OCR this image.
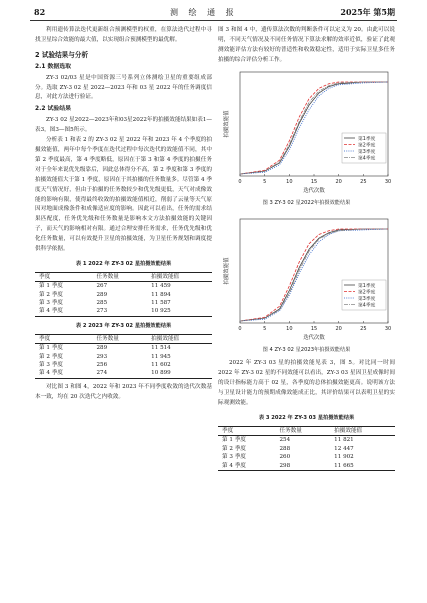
82	测 绘 通 报	2025年 第5期

利用遗传算法迭代更新组合预测模型的权重，在算法迭代过程中寻找卫星综合效能的最大值，以实现组合预测模型的最优解。

2 试验结果与分析
2.1 数据选取

ZY-3 02/03 星是中国资源三号系列立体测绘卫星的重要组成部分。选取 ZY-3 02 星 2022—2023 年和 03 星 2022 年的任务调度信息，对此方法进行验证。

2.2 试验结果

ZY-3 02 星2022—2023年和03星2022年的拍摄效能结果如表1—表3，图3—图5所示。

分析表 1 和表 2 的 ZY-3 02 星 2022 年和 2023 年 4 个季度的拍摄效能值，两年中每个季度在迭代过程中每次迭代的效能值不同，其中第 2 季度最高，第 4 季度略低，原因在于第 3 和第 4 季度的拍摄任务对于全年来说优先级靠后，因此总体得分不高，第 2 季度和第 3 季度的拍摄效能值大于第 1 季度，原因在于其拍摄的任务数量多。尽管第 4 季度天气情况好，但由于拍摄的任务数较少和优先级更低，天气对成像效能的影响有限，使得最终收敛的拍摄效能值相近，削弱了云量等天气原因对地面成像条件和成像适应度的影响。因此可以看出，任务的需求结果匹配度，任务优先级和任务数量是影响本文方法拍摄效能的关键因子，而天气的影响相对有限。通过合理安排任务需求，任务优先级和优化任务数量，可以有效提升卫星的拍摄效能，为卫星任务规划和调度提供科学依据。

表 1 2022 年 ZY-3 02 星拍摄效能结果
季度	任务数量	拍摄效能值
第 1 季度	267	11 459
第 2 季度	289	11 894
第 3 季度	285	11 587
第 4 季度	273	10 925
表 2 2023 年 ZY-3 02 星拍摄效能结果
季度	任务数量	拍摄效能值
第 1 季度	289	11 514
第 2 季度	293	11 945
第 3 季度	256	11 602
第 4 季度	274	10 899

对比图 3 和图 4，2022 年和 2023 年不同季度收敛的迭代次数基本一致，均在 20 次迭代之内收敛。

图 3 和图 4 中，遗传算法次数的判断条件可以定义为 20。由此可以说明，不同天气情况及不同任务情况下算法求解的效率近似，验证了此观测效能评估方法有较好的普适性和收敛稳定性，适用于实际卫星多任务拍摄的综合评估分析工作。

0	5	10	15	20	25	30
迭代次数
拍摄效能值
第1季度
第2季度
第3季度
第4季度
图 3 ZY-3 02 星2022年拍摄效能结果
0	5	10	15	20	25	30
迭代次数
拍摄效能值
第1季度
第2季度
第3季度
第4季度
图 4 ZY-3 02 星2023年拍摄效能结果

2022 年 ZY-3 03 星的拍摄效能见表 3，图 5。对比同一时间 2022 年 ZY-3 02 星的不同效能可以看出，ZY-3 03 星因卫星成像时间的设计指标能力高于 02 星，各季度的总体拍摄效能更高。说明该方法与卫星设计能力的预期成像效能成正比，其评价结果可以表明卫星的实际观测效能。

表 3 2022 年 ZY-3 03 星拍摄效能结果
季度	任务数量	拍摄效能值
第 1 季度	254	11 821
第 2 季度	288	12 447
第 3 季度	260	11 902
第 4 季度	298	11 665
